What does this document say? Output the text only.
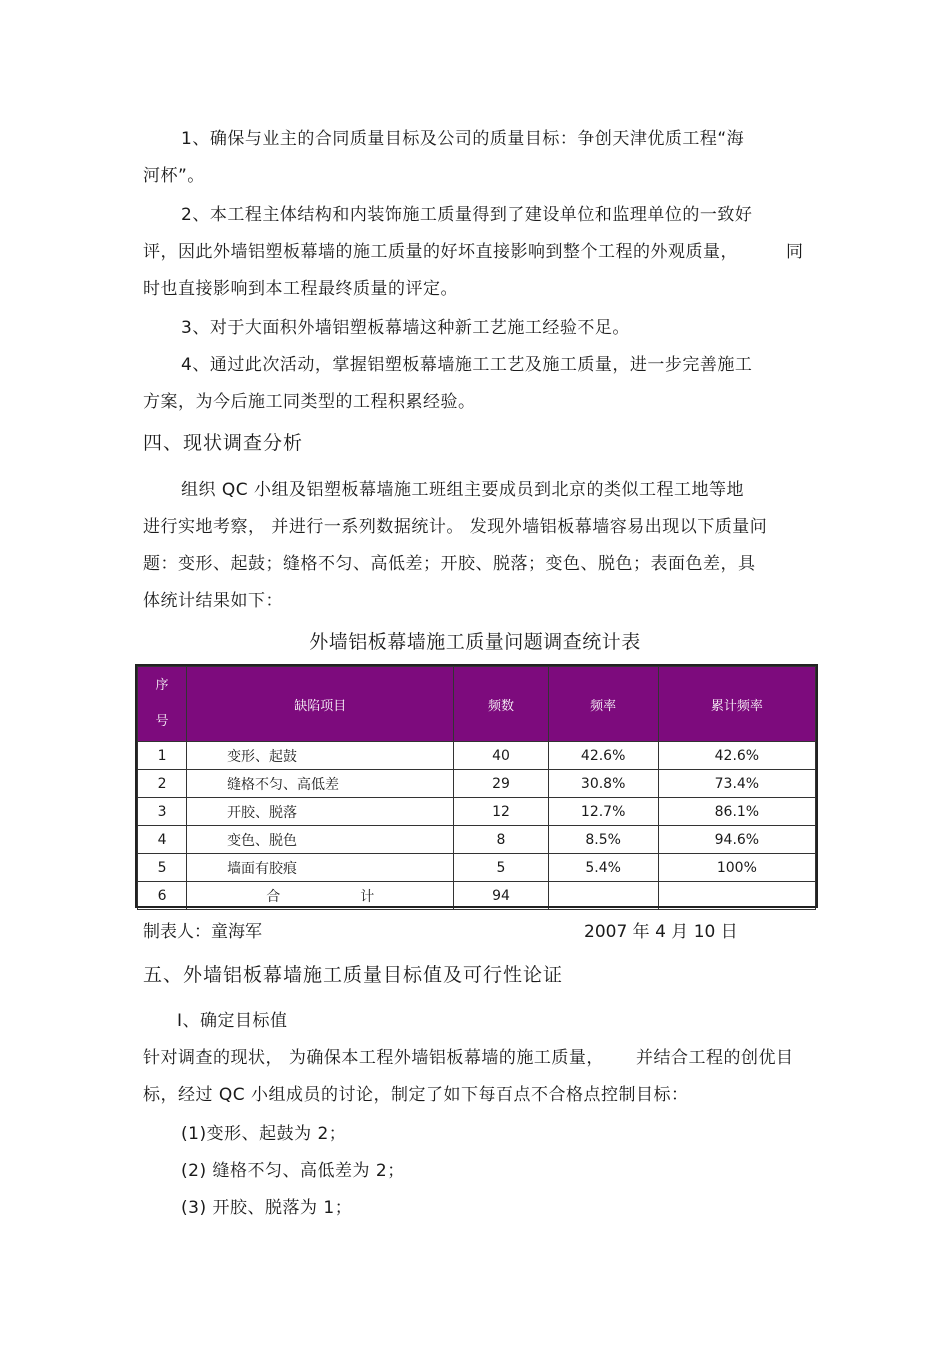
1、确保与业主的合同质量目标及公司的质量目标：争创天津优质工程“海
河杯”。
2、本工程主体结构和内装饰施工质量得到了建设单位和监理单位的一致好
评，因此外墙铝塑板幕墙的施工质量的好坏直接影响到整个工程的外观质量，	同
时也直接影响到本工程最终质量的评定。
3、对于大面积外墙铝塑板幕墙这种新工艺施工经验不足。
4、通过此次活动，掌握铝塑板幕墙施工工艺及施工质量，进一步完善施工
方案，为今后施工同类型的工程积累经验。
四、现状调查分析
组织 QC 小组及铝塑板幕墙施工班组主要成员到北京的类似工程工地等地
进行实地考察， 并进行一系列数据统计。 发现外墙铝板幕墙容易出现以下质量问
题：变形、起鼓；缝格不匀、高低差；开胶、脱落；变色、脱色；表面色差，具
体统计结果如下：
外墙铝板幕墙施工质量问题调查统计表
序
号	缺陷项目	频数	频率	累计频率
1	变形、起鼓	40	42.6%	42.6%
2	缝格不匀、高低差	29	30.8%	73.4%
3	开胶、脱落	12	12.7%	86.1%
4	变色、脱色	8	8.5%	94.6%
5	墙面有胶痕	5	5.4%	100%
6	合 计	94		
制表人：童海军	2007 年 4 月 10 日
五、外墙铝板幕墙施工质量目标值及可行性论证
Ⅰ、确定目标值
针对调查的现状， 为确保本工程外墙铝板幕墙的施工质量， 并结合工程的创优目
标，经过 QC 小组成员的讨论，制定了如下每百点不合格点控制目标：
(1)变形、起鼓为 2；
(2) 缝格不匀、高低差为 2；
(3) 开胶、脱落为 1；
